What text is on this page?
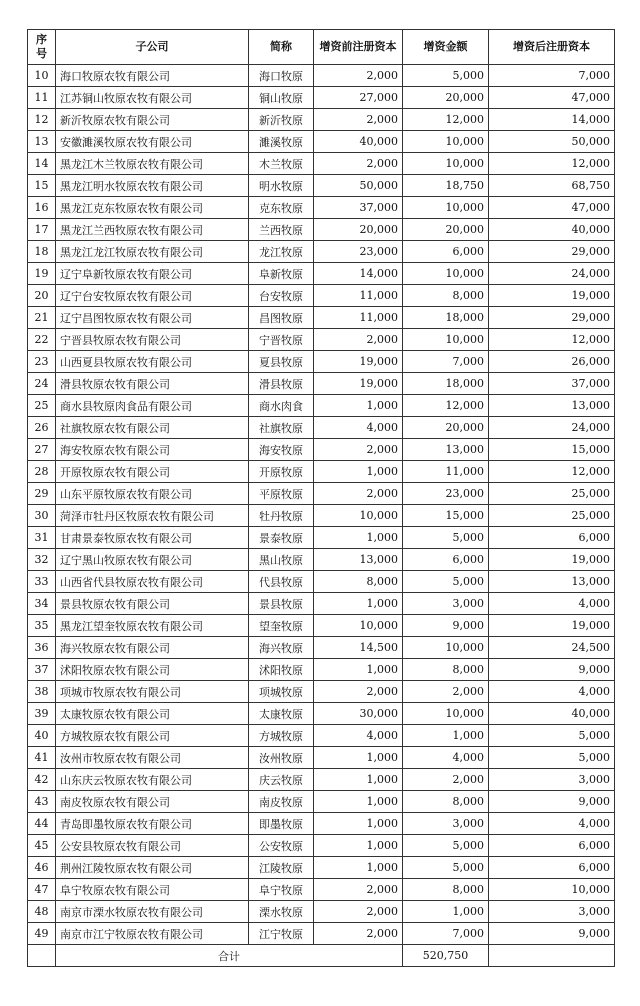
序
号	子公司	简称	增资前注册资本	增资金额	增资后注册资本
10	海口牧原农牧有限公司	海口牧原	2,000	5,000	7,000
11	江苏铜山牧原农牧有限公司	铜山牧原	27,000	20,000	47,000
12	新沂牧原农牧有限公司	新沂牧原	2,000	12,000	14,000
13	安徽濉溪牧原农牧有限公司	濉溪牧原	40,000	10,000	50,000
14	黑龙江木兰牧原农牧有限公司	木兰牧原	2,000	10,000	12,000
15	黑龙江明水牧原农牧有限公司	明水牧原	50,000	18,750	68,750
16	黑龙江克东牧原农牧有限公司	克东牧原	37,000	10,000	47,000
17	黑龙江兰西牧原农牧有限公司	兰西牧原	20,000	20,000	40,000
18	黑龙江龙江牧原农牧有限公司	龙江牧原	23,000	6,000	29,000
19	辽宁阜新牧原农牧有限公司	阜新牧原	14,000	10,000	24,000
20	辽宁台安牧原农牧有限公司	台安牧原	11,000	8,000	19,000
21	辽宁昌图牧原农牧有限公司	昌图牧原	11,000	18,000	29,000
22	宁晋县牧原农牧有限公司	宁晋牧原	2,000	10,000	12,000
23	山西夏县牧原农牧有限公司	夏县牧原	19,000	7,000	26,000
24	滑县牧原农牧有限公司	滑县牧原	19,000	18,000	37,000
25	商水县牧原肉食品有限公司	商水肉食	1,000	12,000	13,000
26	社旗牧原农牧有限公司	社旗牧原	4,000	20,000	24,000
27	海安牧原农牧有限公司	海安牧原	2,000	13,000	15,000
28	开原牧原农牧有限公司	开原牧原	1,000	11,000	12,000
29	山东平原牧原农牧有限公司	平原牧原	2,000	23,000	25,000
30	菏泽市牡丹区牧原农牧有限公司	牡丹牧原	10,000	15,000	25,000
31	甘肃景泰牧原农牧有限公司	景泰牧原	1,000	5,000	6,000
32	辽宁黑山牧原农牧有限公司	黑山牧原	13,000	6,000	19,000
33	山西省代县牧原农牧有限公司	代县牧原	8,000	5,000	13,000
34	景县牧原农牧有限公司	景县牧原	1,000	3,000	4,000
35	黑龙江望奎牧原农牧有限公司	望奎牧原	10,000	9,000	19,000
36	海兴牧原农牧有限公司	海兴牧原	14,500	10,000	24,500
37	沭阳牧原农牧有限公司	沭阳牧原	1,000	8,000	9,000
38	项城市牧原农牧有限公司	项城牧原	2,000	2,000	4,000
39	太康牧原农牧有限公司	太康牧原	30,000	10,000	40,000
40	方城牧原农牧有限公司	方城牧原	4,000	1,000	5,000
41	汝州市牧原农牧有限公司	汝州牧原	1,000	4,000	5,000
42	山东庆云牧原农牧有限公司	庆云牧原	1,000	2,000	3,000
43	南皮牧原农牧有限公司	南皮牧原	1,000	8,000	9,000
44	青岛即墨牧原农牧有限公司	即墨牧原	1,000	3,000	4,000
45	公安县牧原农牧有限公司	公安牧原	1,000	5,000	6,000
46	荆州江陵牧原农牧有限公司	江陵牧原	1,000	5,000	6,000
47	阜宁牧原农牧有限公司	阜宁牧原	2,000	8,000	10,000
48	南京市溧水牧原农牧有限公司	溧水牧原	2,000	1,000	3,000
49	南京市江宁牧原农牧有限公司	江宁牧原	2,000	7,000	9,000
	合计			520,750	
